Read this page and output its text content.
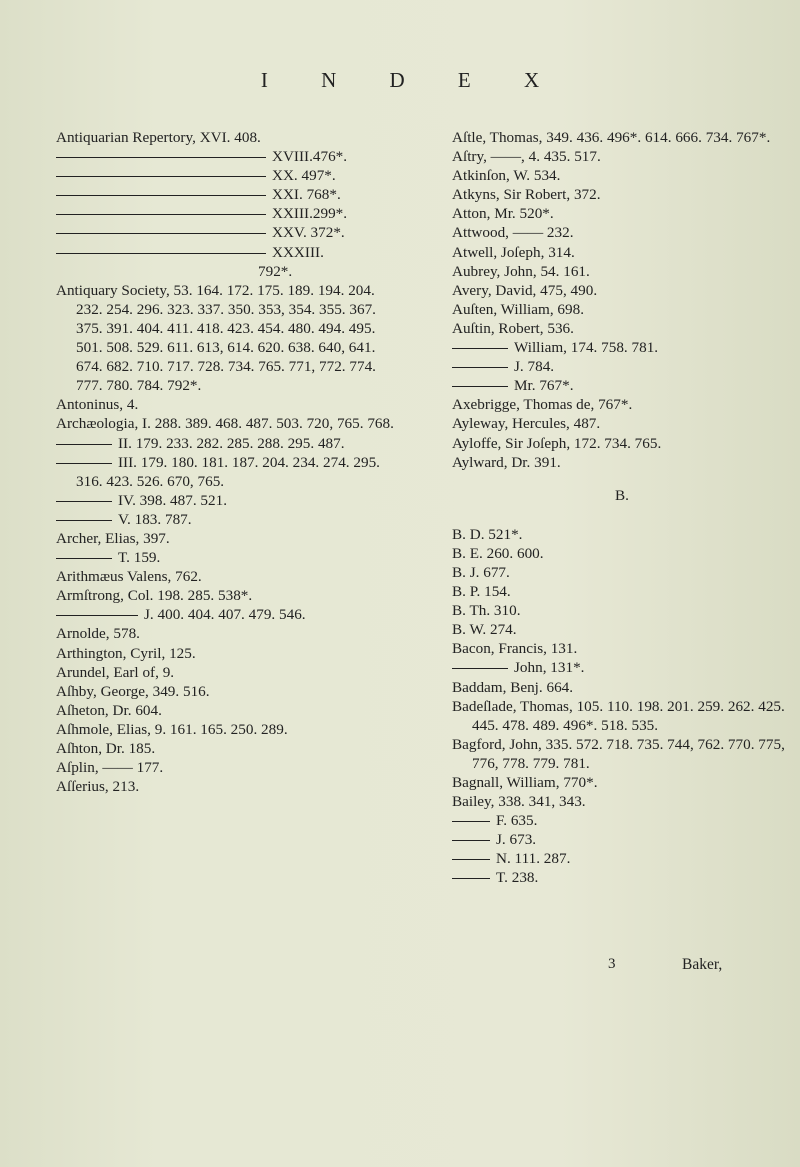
I N D E X

Antiquarian Repertory, XVI. 408.

XVIII.476*.

XX. 497*.

XXI. 768*.

XXIII.299*.

XXV. 372*.

XXXIII.

792*.

Antiquary Society, 53. 164. 172. 175. 189. 194. 204. 232. 254. 296. 323. 337. 350. 353, 354. 355. 367. 375. 391. 404. 411. 418. 423. 454. 480. 494. 495. 501. 508. 529. 611. 613, 614. 620. 638. 640, 641. 674. 682. 710. 717. 728. 734. 765. 771, 772. 774. 777. 780. 784. 792*.

Antoninus, 4.

Archæologia, I. 288. 389. 468. 487. 503. 720, 765. 768.

II. 179. 233. 282. 285. 288. 295. 487.

III. 179. 180. 181. 187. 204. 234. 274. 295. 316. 423. 526. 670, 765.

IV. 398. 487. 521.

V. 183. 787.

Archer, Elias, 397.

T. 159.

Arithmæus Valens, 762.

Armſtrong, Col. 198. 285. 538*.

J. 400. 404. 407. 479. 546.

Arnolde, 578.

Arthington, Cyril, 125.

Arundel, Earl of, 9.

Aſhby, George, 349. 516.

Aſheton, Dr. 604.

Aſhmole, Elias, 9. 161. 165. 250. 289.

Aſhton, Dr. 185.

Aſplin, —— 177.

Aſſerius, 213.

Aſtle, Thomas, 349. 436. 496*. 614. 666. 734. 767*.

Aſtry, ——, 4. 435. 517.

Atkinſon, W. 534.

Atkyns, Sir Robert, 372.

Atton, Mr. 520*.

Attwood, —— 232.

Atwell, Joſeph, 314.

Aubrey, John, 54. 161.

Avery, David, 475, 490.

Auſten, William, 698.

Auſtin, Robert, 536.

William, 174. 758. 781.

J. 784.

Mr. 767*.

Axebrigge, Thomas de, 767*.

Ayleway, Hercules, 487.

Ayloffe, Sir Joſeph, 172. 734. 765.

Aylward, Dr. 391.

B.

B. D. 521*.

B. E. 260. 600.

B. J. 677.

B. P. 154.

B. Th. 310.

B. W. 274.

Bacon, Francis, 131.

John, 131*.

Baddam, Benj. 664.

Badeſlade, Thomas, 105. 110. 198. 201. 259. 262. 425. 445. 478. 489. 496*. 518. 535.

Bagford, John, 335. 572. 718. 735. 744, 762. 770. 775, 776, 778. 779. 781.

Bagnall, William, 770*.

Bailey, 338. 341, 343.

F. 635.

J. 673.

N. 111. 287.

T. 238.

3	Baker,
